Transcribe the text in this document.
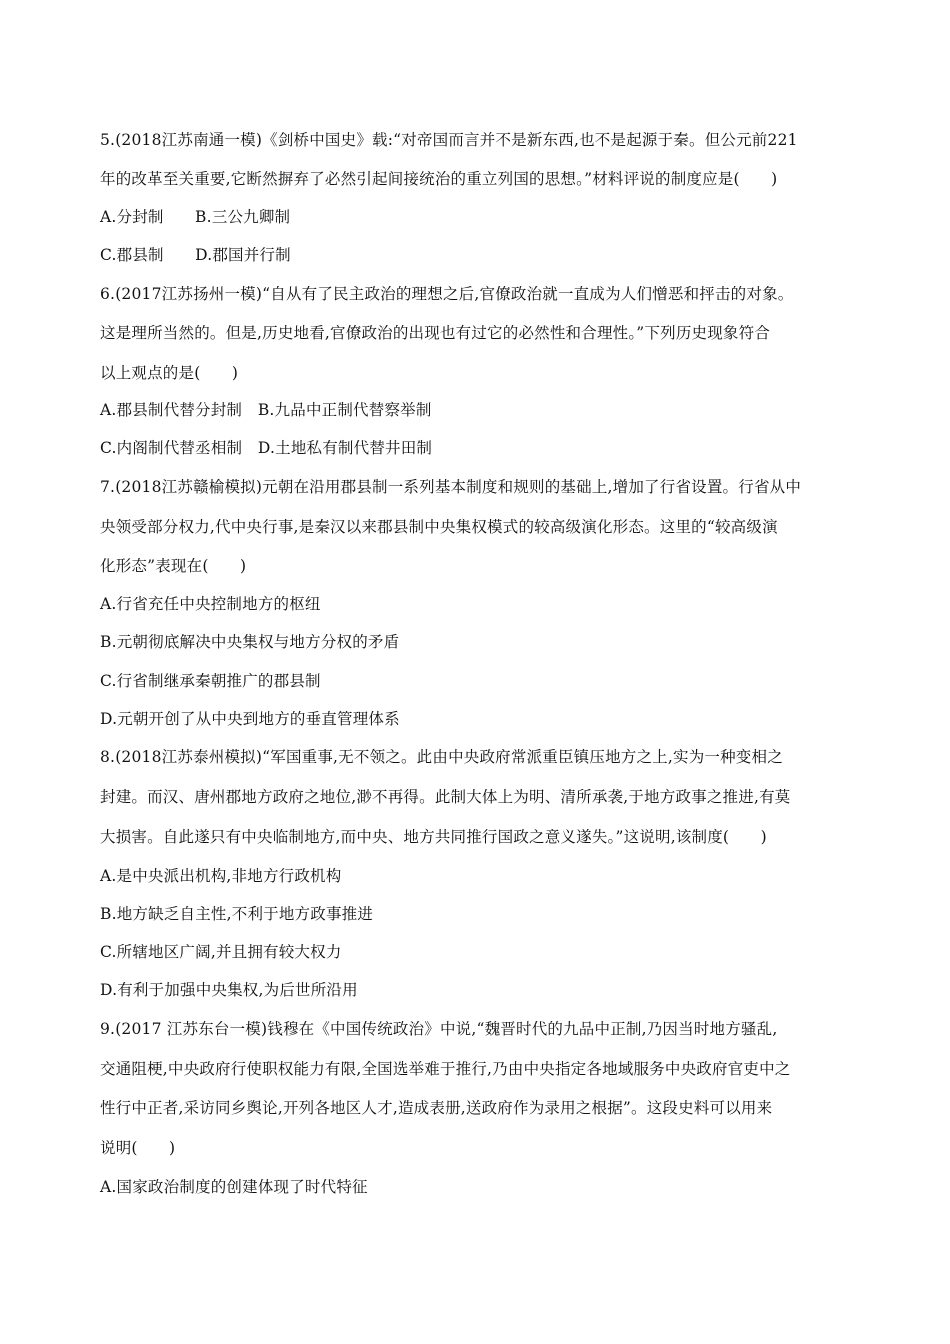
5.(2018江苏南通一模)《剑桥中国史》载:“对帝国而言并不是新东西,也不是起源于秦。但公元前221
年的改革至关重要,它断然摒弃了必然引起间接统治的重立列国的思想。”材料评说的制度应是(　　)
A.分封制　　B.三公九卿制
C.郡县制　　D.郡国并行制
6.(2017江苏扬州一模)“自从有了民主政治的理想之后,官僚政治就一直成为人们憎恶和抨击的对象。
这是理所当然的。但是,历史地看,官僚政治的出现也有过它的必然性和合理性。”下列历史现象符合
以上观点的是(　　)
A.郡县制代替分封制　B.九品中正制代替察举制
C.内阁制代替丞相制　D.土地私有制代替井田制
7.(2018江苏赣榆模拟)元朝在沿用郡县制一系列基本制度和规则的基础上,增加了行省设置。行省从中
央领受部分权力,代中央行事,是秦汉以来郡县制中央集权模式的较高级演化形态。这里的“较高级演
化形态”表现在(　　)
A.行省充任中央控制地方的枢纽
B.元朝彻底解决中央集权与地方分权的矛盾
C.行省制继承秦朝推广的郡县制
D.元朝开创了从中央到地方的垂直管理体系
8.(2018江苏泰州模拟)“军国重事,无不领之。此由中央政府常派重臣镇压地方之上,实为一种变相之
封建。而汉、唐州郡地方政府之地位,渺不再得。此制大体上为明、清所承袭,于地方政事之推进,有莫
大损害。自此遂只有中央临制地方,而中央、地方共同推行国政之意义遂失。”这说明,该制度(　　)
A.是中央派出机构,非地方行政机构
B.地方缺乏自主性,不利于地方政事推进
C.所辖地区广阔,并且拥有较大权力
D.有利于加强中央集权,为后世所沿用
9.(2017 江苏东台一模)钱穆在《中国传统政治》中说,“魏晋时代的九品中正制,乃因当时地方骚乱,
交通阻梗,中央政府行使职权能力有限,全国选举难于推行,乃由中央指定各地域服务中央政府官吏中之
性行中正者,采访同乡舆论,开列各地区人才,造成表册,送政府作为录用之根据”。这段史料可以用来
说明(　　)
A.国家政治制度的创建体现了时代特征
